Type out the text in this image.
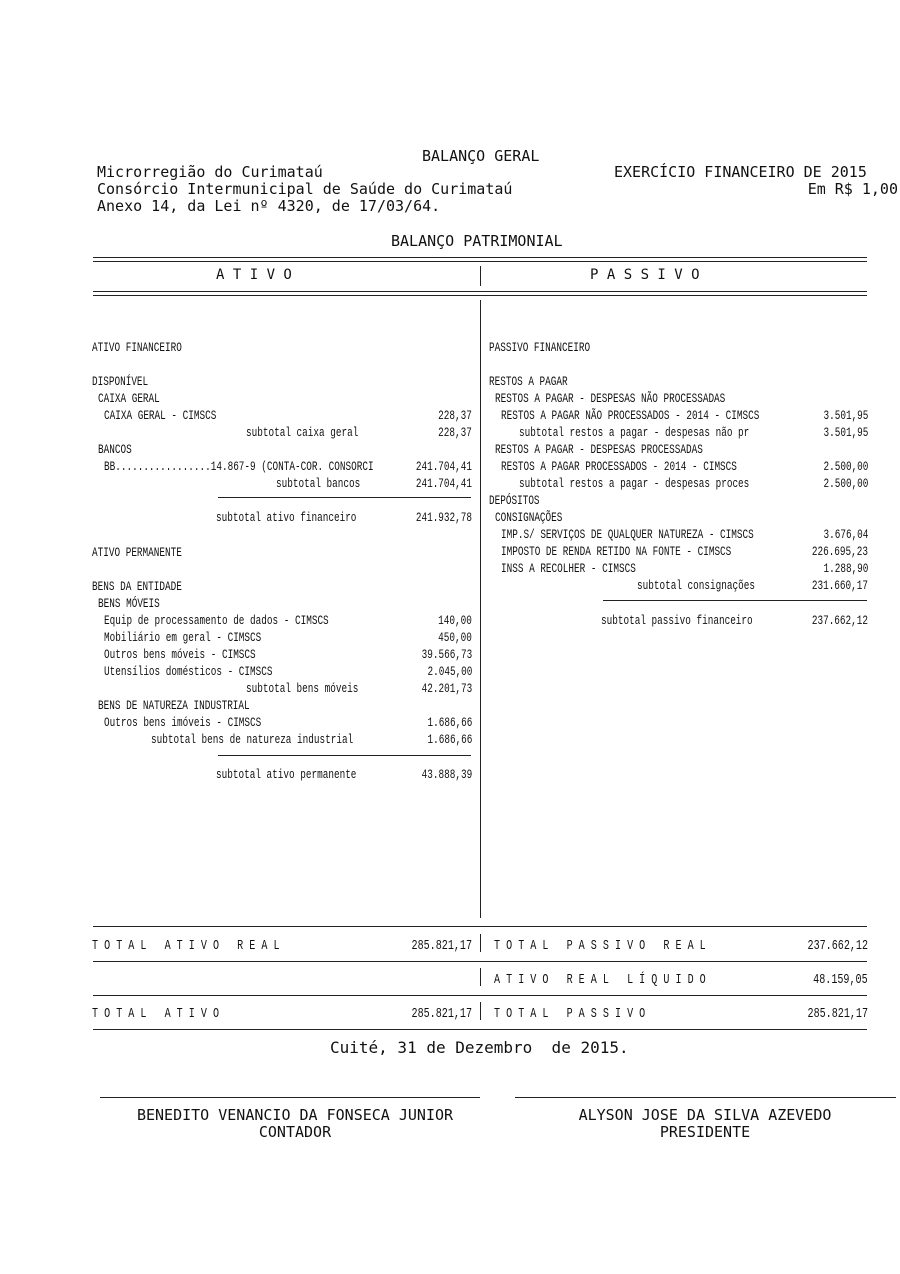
BALANÇO GERAL
Microrregião do Curimataú
Consórcio Intermunicipal de Saúde do Curimataú
Anexo 14, da Lei nº 4320, de 17/03/64.
EXERCÍCIO FINANCEIRO DE 2015
Em R$ 1,00
BALANÇO PATRIMONIAL
A T I V O	P A S S I V O
ATIVO FINANCEIRO
DISPONÍVEL
CAIXA GERAL
CAIXA GERAL - CIMSCS	228,37
subtotal caixa geral	228,37
BANCOS
BB.................14.867-9 (CONTA-COR. CONSORCI	241.704,41
subtotal bancos	241.704,41
subtotal ativo financeiro	241.932,78
ATIVO PERMANENTE
BENS DA ENTIDADE
BENS MÓVEIS
Equip de processamento de dados - CIMSCS	140,00
Mobiliário em geral - CIMSCS	450,00
Outros bens móveis - CIMSCS	39.566,73
Utensílios domésticos - CIMSCS	2.045,00
subtotal bens móveis	42.201,73
BENS DE NATUREZA INDUSTRIAL
Outros bens imóveis - CIMSCS	1.686,66
subtotal bens de natureza industrial	1.686,66
subtotal ativo permanente	43.888,39
PASSIVO FINANCEIRO
RESTOS A PAGAR
RESTOS A PAGAR - DESPESAS NÃO PROCESSADAS
RESTOS A PAGAR NÃO PROCESSADOS - 2014 - CIMSCS	3.501,95
subtotal restos a pagar - despesas não pr	3.501,95
RESTOS A PAGAR - DESPESAS PROCESSADAS
RESTOS A PAGAR PROCESSADOS - 2014 - CIMSCS	2.500,00
subtotal restos a pagar - despesas proces	2.500,00
DEPÓSITOS
CONSIGNAÇÕES
IMP.S/ SERVIÇOS DE QUALQUER NATUREZA - CIMSCS	3.676,04
IMPOSTO DE RENDA RETIDO NA FONTE - CIMSCS	226.695,23
INSS A RECOLHER - CIMSCS	1.288,90
subtotal consignações	231.660,17
subtotal passivo financeiro	237.662,12
T O T A L   A T I V O   R E A L	285.821,17 T O T A L   P A S S I V O   R E A L	237.662,12
A T I V O   R E A L   L Í Q U I D O	48.159,05
T O T A L   A T I V O	285.821,17 T O T A L   P A S S I V O	285.821,17
Cuité, 31 de Dezembro  de 2015.
BENEDITO VENANCIO DA FONSECA JUNIOR
CONTADOR
ALYSON JOSE DA SILVA AZEVEDO
PRESIDENTE
